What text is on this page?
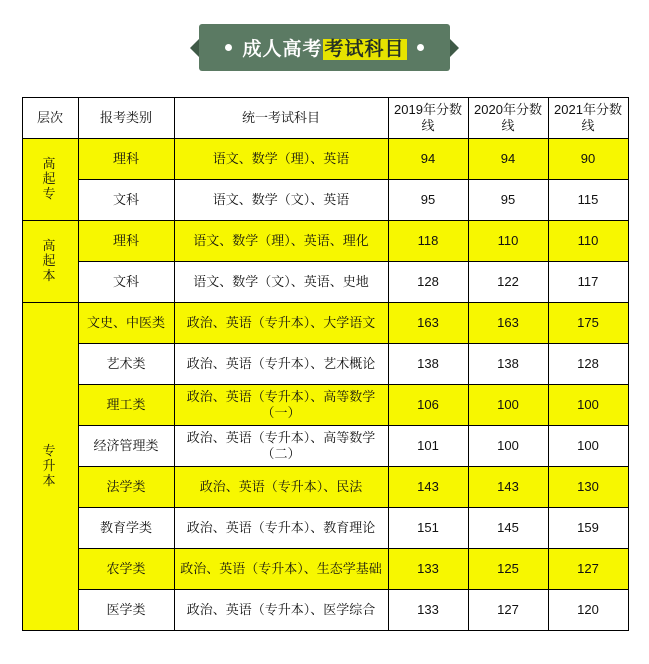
成人高考 考试科目
层次	报考类别	统一考试科目	2019年分数线	2020年分数线	2021年分数线

高
起
专	理科	语文、数学（理）、英语	94	94	90
	文科	语文、数学（文）、英语	95	95	115

高
起
本	理科	语文、数学（理）、英语、理化	118	110	110
	文科	语文、数学（文）、英语、史地	128	122	117

专
升
本	文史、中医类	政治、英语（专升本）、大学语文	163	163	175
	艺术类	政治、英语（专升本）、艺术概论	138	138	128
	理工类	政治、英语（专升本）、高等数学（一）	106	100	100
	经济管理类	政治、英语（专升本）、高等数学（二）	101	100	100
	法学类	政治、英语（专升本）、民法	143	143	130
	教育学类	政治、英语（专升本）、教育理论	151	145	159
	农学类	政治、英语（专升本）、生态学基础	133	125	127
	医学类	政治、英语（专升本）、医学综合	133	127	120
